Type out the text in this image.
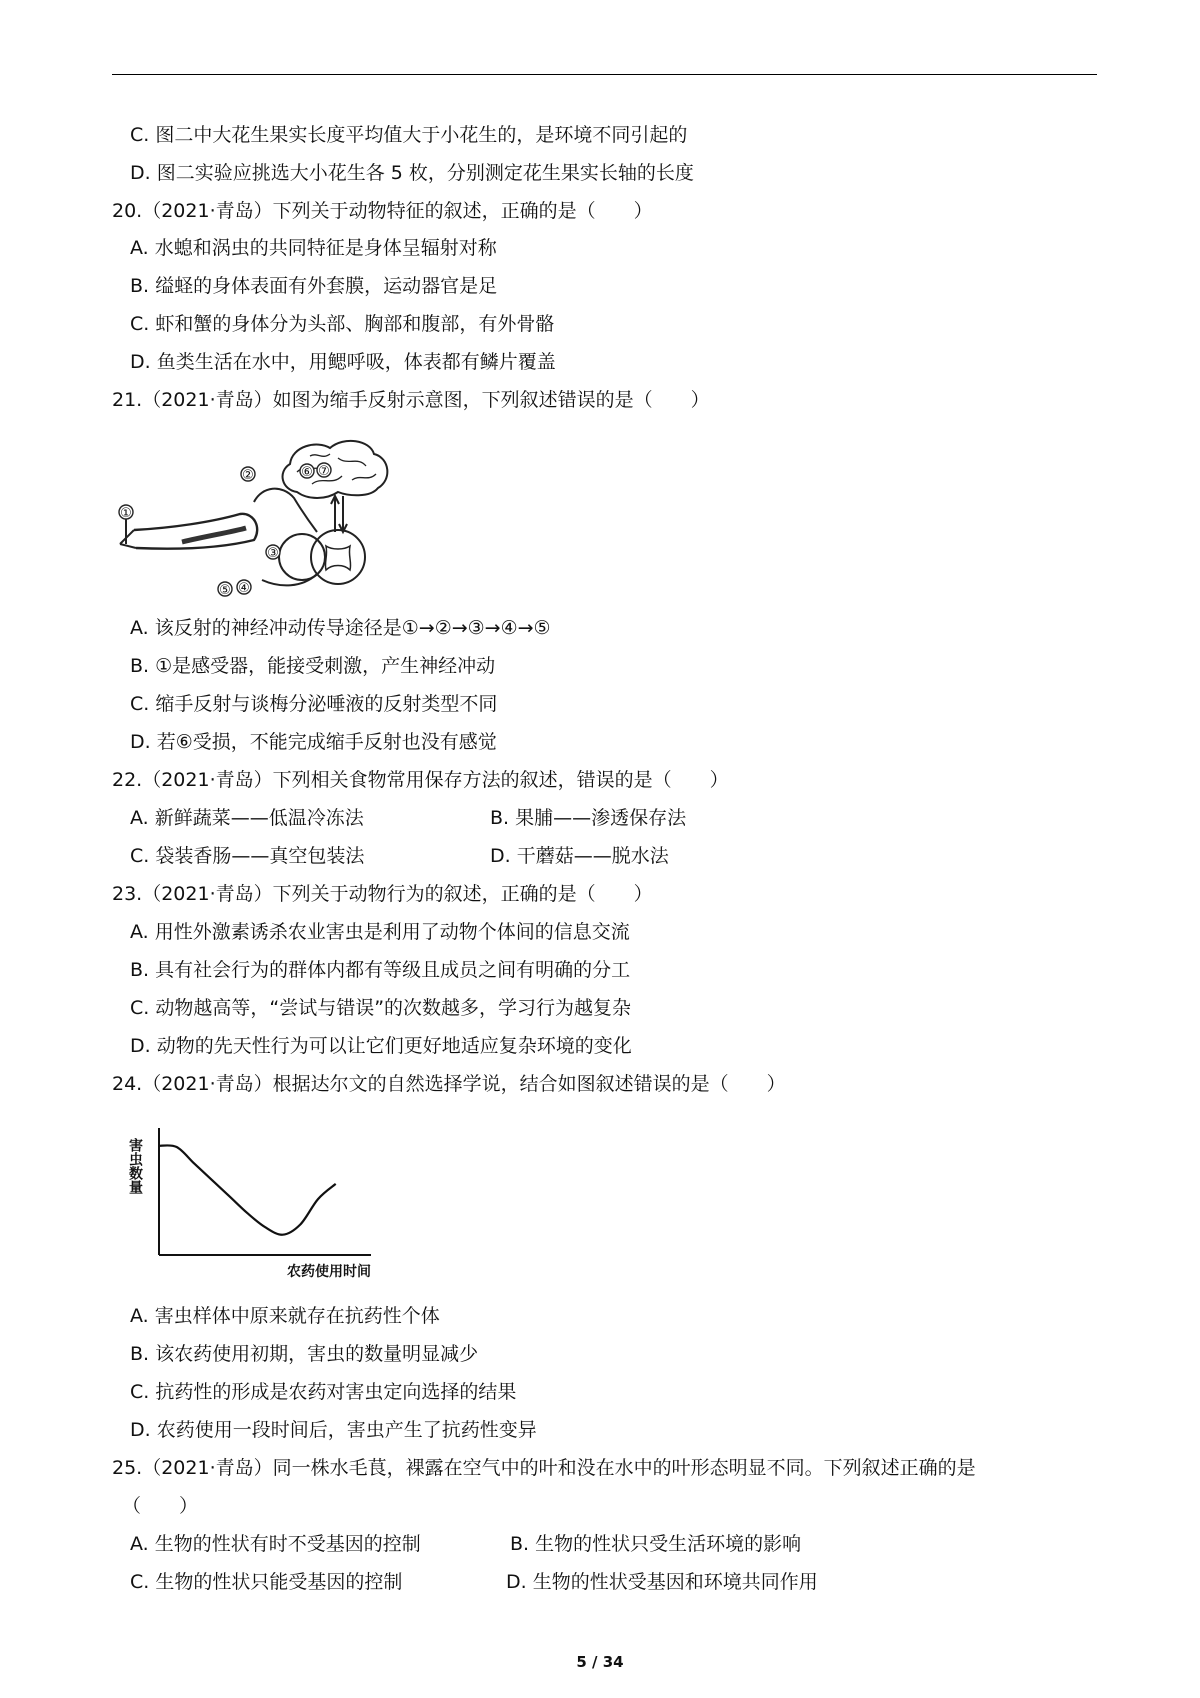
C. 图二中大花生果实长度平均值大于小花生的，是环境不同引起的
D. 图二实验应挑选大小花生各 5 枚，分别测定花生果实长轴的长度
20.（2021·青岛）下列关于动物特征的叙述，正确的是（　　）
A. 水螅和涡虫的共同特征是身体呈辐射对称
B. 缢蛏的身体表面有外套膜，运动器官是足
C. 虾和蟹的身体分为头部、胸部和腹部，有外骨骼
D. 鱼类生活在水中，用鳃呼吸，体表都有鳞片覆盖
21.（2021·青岛）如图为缩手反射示意图，下列叙述错误的是（　　）
①
②
③
④
⑤
⑥ ⑦
A. 该反射的神经冲动传导途径是①→②→③→④→⑤
B. ①是感受器，能接受刺激，产生神经冲动
C. 缩手反射与谈梅分泌唾液的反射类型不同
D. 若⑥受损，不能完成缩手反射也没有感觉
22.（2021·青岛）下列相关食物常用保存方法的叙述，错误的是（　　）
A. 新鲜蔬菜——低温冷冻法	B. 果脯——渗透保存法
C. 袋装香肠——真空包装法	D. 干蘑菇——脱水法
23.（2021·青岛）下列关于动物行为的叙述，正确的是（　　）
A. 用性外激素诱杀农业害虫是利用了动物个体间的信息交流
B. 具有社会行为的群体内都有等级且成员之间有明确的分工
C. 动物越高等，“尝试与错误”的次数越多，学习行为越复杂
D. 动物的先天性行为可以让它们更好地适应复杂环境的变化
24.（2021·青岛）根据达尔文的自然选择学说，结合如图叙述错误的是（　　）
害虫数量
农药使用时间
A. 害虫样体中原来就存在抗药性个体
B. 该农药使用初期，害虫的数量明显减少
C. 抗药性的形成是农药对害虫定向选择的结果
D. 农药使用一段时间后，害虫产生了抗药性变异
25.（2021·青岛）同一株水毛茛，裸露在空气中的叶和没在水中的叶形态明显不同。下列叙述正确的是
（　　）
A. 生物的性状有时不受基因的控制	B. 生物的性状只受生活环境的影响
C. 生物的性状只能受基因的控制	D. 生物的性状受基因和环境共同作用
5 / 34
